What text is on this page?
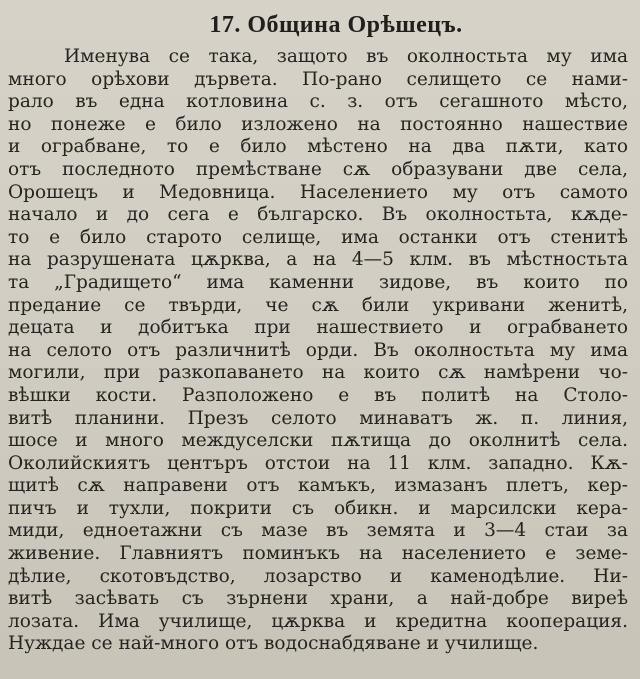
17. Община Орѣшецъ.
Именува се така, защото въ околностьта му има
много орѣхови дървета. По-рано селището се нами-
рало въ една котловина с. з. отъ сегашното мѣсто,
но понеже е било изложено на постоянно нашествие
и ограбване, то е било мѣстено на два пѫти, като
отъ последното премѣстване сѫ образувани две села,
Орошецъ и Медовница. Населението му отъ самото
начало и до сега е българско. Въ околностьта, кѫде-
то е било старото селище, има останки отъ стенитѣ
на разрушената цѫрква, а на 4—5 клм. въ мѣстностьта
та „Градището“ има каменни зидове, въ които по
предание се твърди, че сѫ били укривани женитѣ,
децата и добитъка при нашествието и ограбването
на селото отъ различнитѣ орди. Въ околностьта му има
могили, при разкопаването на които сѫ намѣрени чо-
вѣшки кости. Разположено е въ политѣ на Столо-
витѣ планини. Презъ селото минаватъ ж. п. линия,
шосе и много междуселски пѫтища до околнитѣ села.
Околийскиятъ центъръ отстои на 11 клм. западно. Кѫ-
щитѣ сѫ направени отъ камъкъ, измазанъ плетъ, кер-
пичъ и тухли, покрити съ обикн. и марсилски кера-
миди, едноетажни съ мазе въ земята и 3—4 стаи за
живение. Главниятъ поминъкъ на населението е земе-
дѣлие, скотовъдство, лозарство и каменодѣлие. Ни-
витѣ засѣвать съ зърнени храни, а най-добре виреѣ
лозата. Има училище, цѫрква и кредитна кооперация.
Нуждае се най-много отъ водоснабдяване и училище.
